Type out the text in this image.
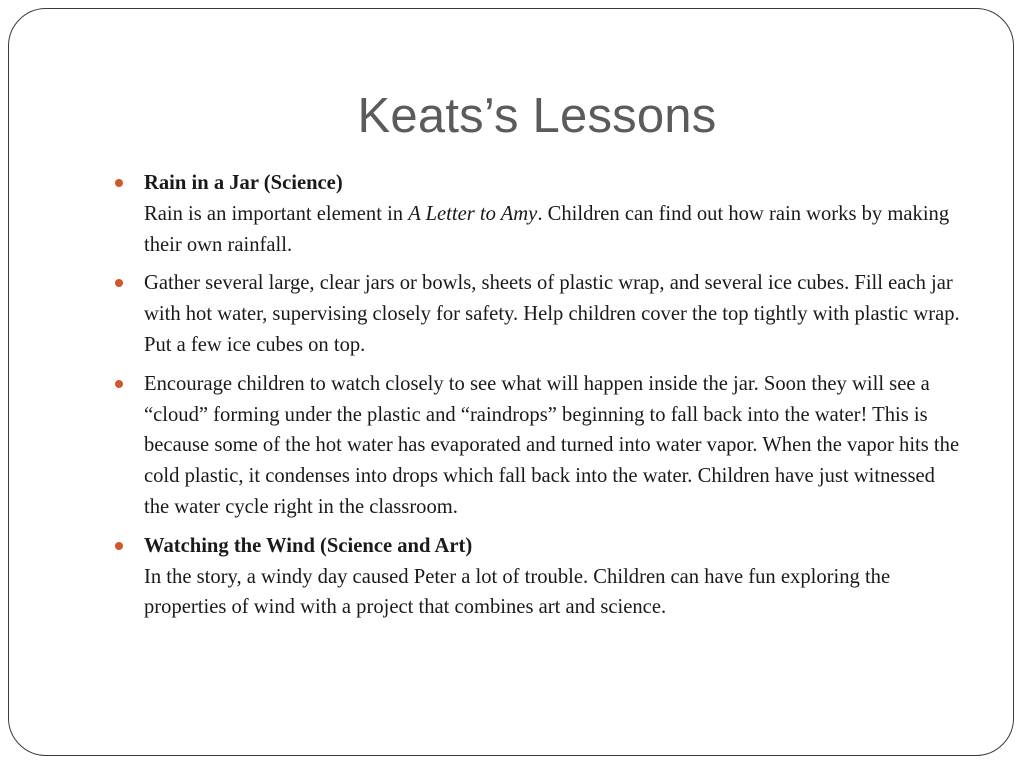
Keats’s Lessons
Rain in a Jar (Science)
Rain is an important element in A Letter to Amy. Children can find out how rain works by making their own rainfall.
Gather several large, clear jars or bowls, sheets of plastic wrap, and several ice cubes. Fill each jar with hot water, supervising closely for safety. Help children cover the top tightly with plastic wrap. Put a few ice cubes on top.
Encourage children to watch closely to see what will happen inside the jar. Soon they will see a “cloud” forming under the plastic and “raindrops” beginning to fall back into the water! This is because some of the hot water has evaporated and turned into water vapor. When the vapor hits the cold plastic, it condenses into drops which fall back into the water. Children have just witnessed the water cycle right in the classroom.
Watching the Wind (Science and Art)
In the story, a windy day caused Peter a lot of trouble. Children can have fun exploring the properties of wind with a project that combines art and science.
